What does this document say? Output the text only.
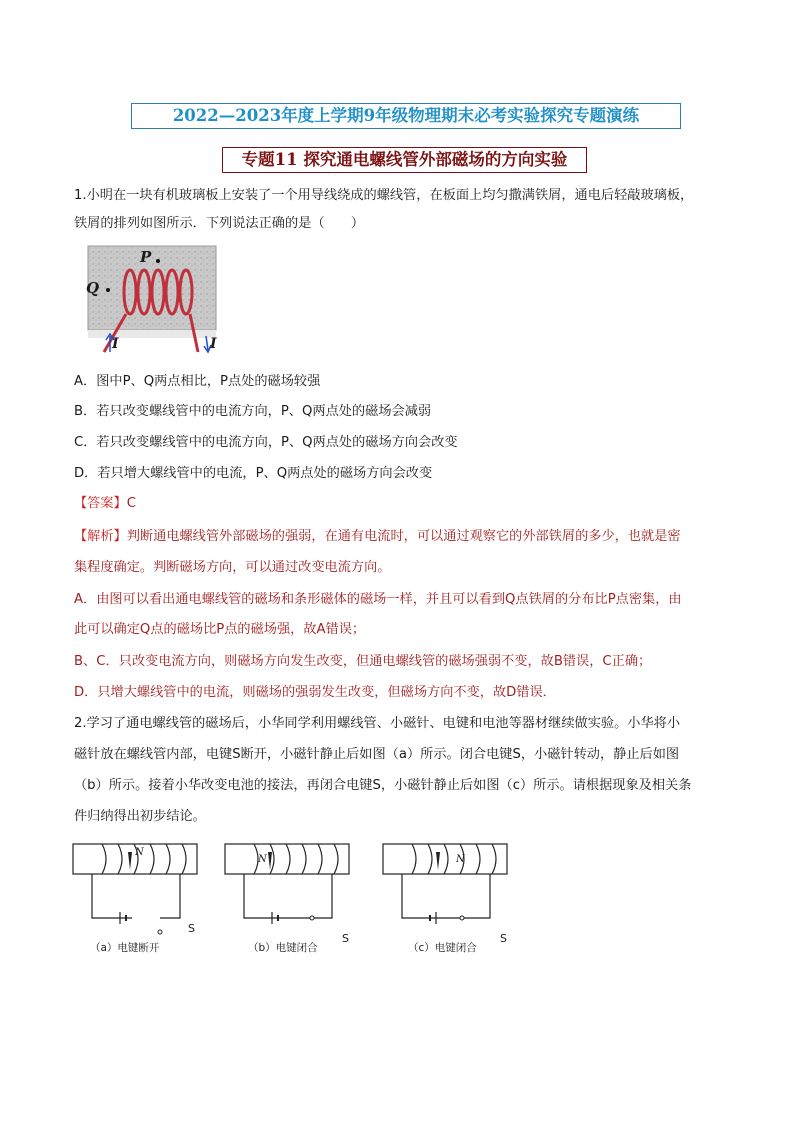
2022—2023年度上学期9年级物理期末必考实验探究专题演练
专题11 探究通电螺线管外部磁场的方向实验
1.小明在一块有机玻璃板上安装了一个用导线绕成的螺线管，在板面上均匀撒满铁屑，通电后轻敲玻璃板，
铁屑的排列如图所示．下列说法正确的是（　　）
P
Q
I	I
A．图中P、Q两点相比，P点处的磁场较强
B．若只改变螺线管中的电流方向，P、Q两点处的磁场会减弱
C．若只改变螺线管中的电流方向，P、Q两点处的磁场方向会改变
D．若只增大螺线管中的电流，P、Q两点处的磁场方向会改变
【答案】C
【解析】判断通电螺线管外部磁场的强弱，在通有电流时，可以通过观察它的外部铁屑的多少，也就是密
集程度确定。判断磁场方向，可以通过改变电流方向。
A．由图可以看出通电螺线管的磁场和条形磁体的磁场一样，并且可以看到Q点铁屑的分布比P点密集，由
此可以确定Q点的磁场比P点的磁场强，故A错误；
B、C．只改变电流方向，则磁场方向发生改变，但通电螺线管的磁场强弱不变，故B错误，C正确；
D．只增大螺线管中的电流，则磁场的强弱发生改变，但磁场方向不变，故D错误．
2.学习了通电螺线管的磁场后，小华同学利用螺线管、小磁针、电键和电池等器材继续做实验。小华将小
磁针放在螺线管内部，电键S断开，小磁针静止后如图（a）所示。闭合电键S，小磁针转动，静止后如图
（b）所示。接着小华改变电池的接法，再闭合电键S，小磁针静止后如图（c）所示。请根据现象及相关条
件归纳得出初步结论。
N
S
（a）电键断开
N
S
（b）电键闭合
N
S
（c）电键闭合
